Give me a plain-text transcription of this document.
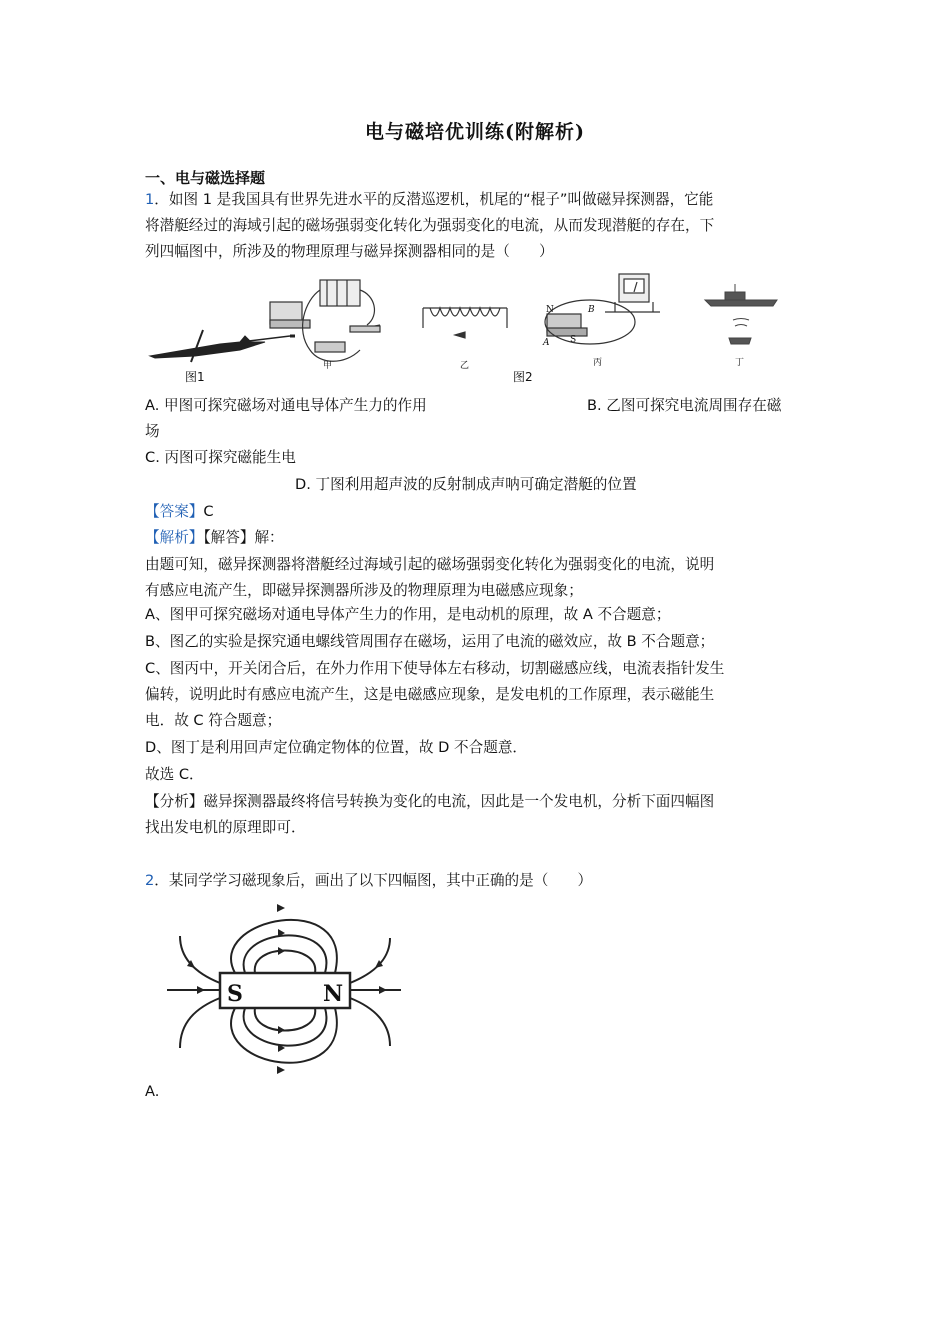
电与磁培优训练(附解析)
一、电与磁选择题
1．如图 1 是我国具有世界先进水平的反潜巡逻机，机尾的“棍子”叫做磁异探测器，它能
将潜艇经过的海域引起的磁场强弱变化转化为强弱变化的电流，从而发现潜艇的存在，下
列四幅图中，所涉及的物理原理与磁异探测器相同的是（　　）
图1
甲	乙
N
S
A
B
丙
图2
丁
A. 甲图可探究磁场对通电导体产生力的作用	B. 乙图可探究电流周围存在磁
场
C. 丙图可探究磁能生电
D. 丁图利用超声波的反射制成声呐可确定潜艇的位置
【答案】C
【解析】【解答】解：
由题可知，磁异探测器将潜艇经过海域引起的磁场强弱变化转化为强弱变化的电流，说明
有感应电流产生，即磁异探测器所涉及的物理原理为电磁感应现象；
A、图甲可探究磁场对通电导体产生力的作用，是电动机的原理，故 A 不合题意；
B、图乙的实验是探究通电螺线管周围存在磁场，运用了电流的磁效应，故 B 不合题意；
C、图丙中，开关闭合后，在外力作用下使导体左右移动，切割磁感应线，电流表指针发生
偏转，说明此时有感应电流产生，这是电磁感应现象，是发电机的工作原理，表示磁能生
电．故 C 符合题意；
D、图丁是利用回声定位确定物体的位置，故 D 不合题意．
故选 C．
【分析】磁异探测器最终将信号转换为变化的电流，因此是一个发电机，分析下面四幅图
找出发电机的原理即可．
2．某同学学习磁现象后，画出了以下四幅图，其中正确的是（　　）
S	N
A.
